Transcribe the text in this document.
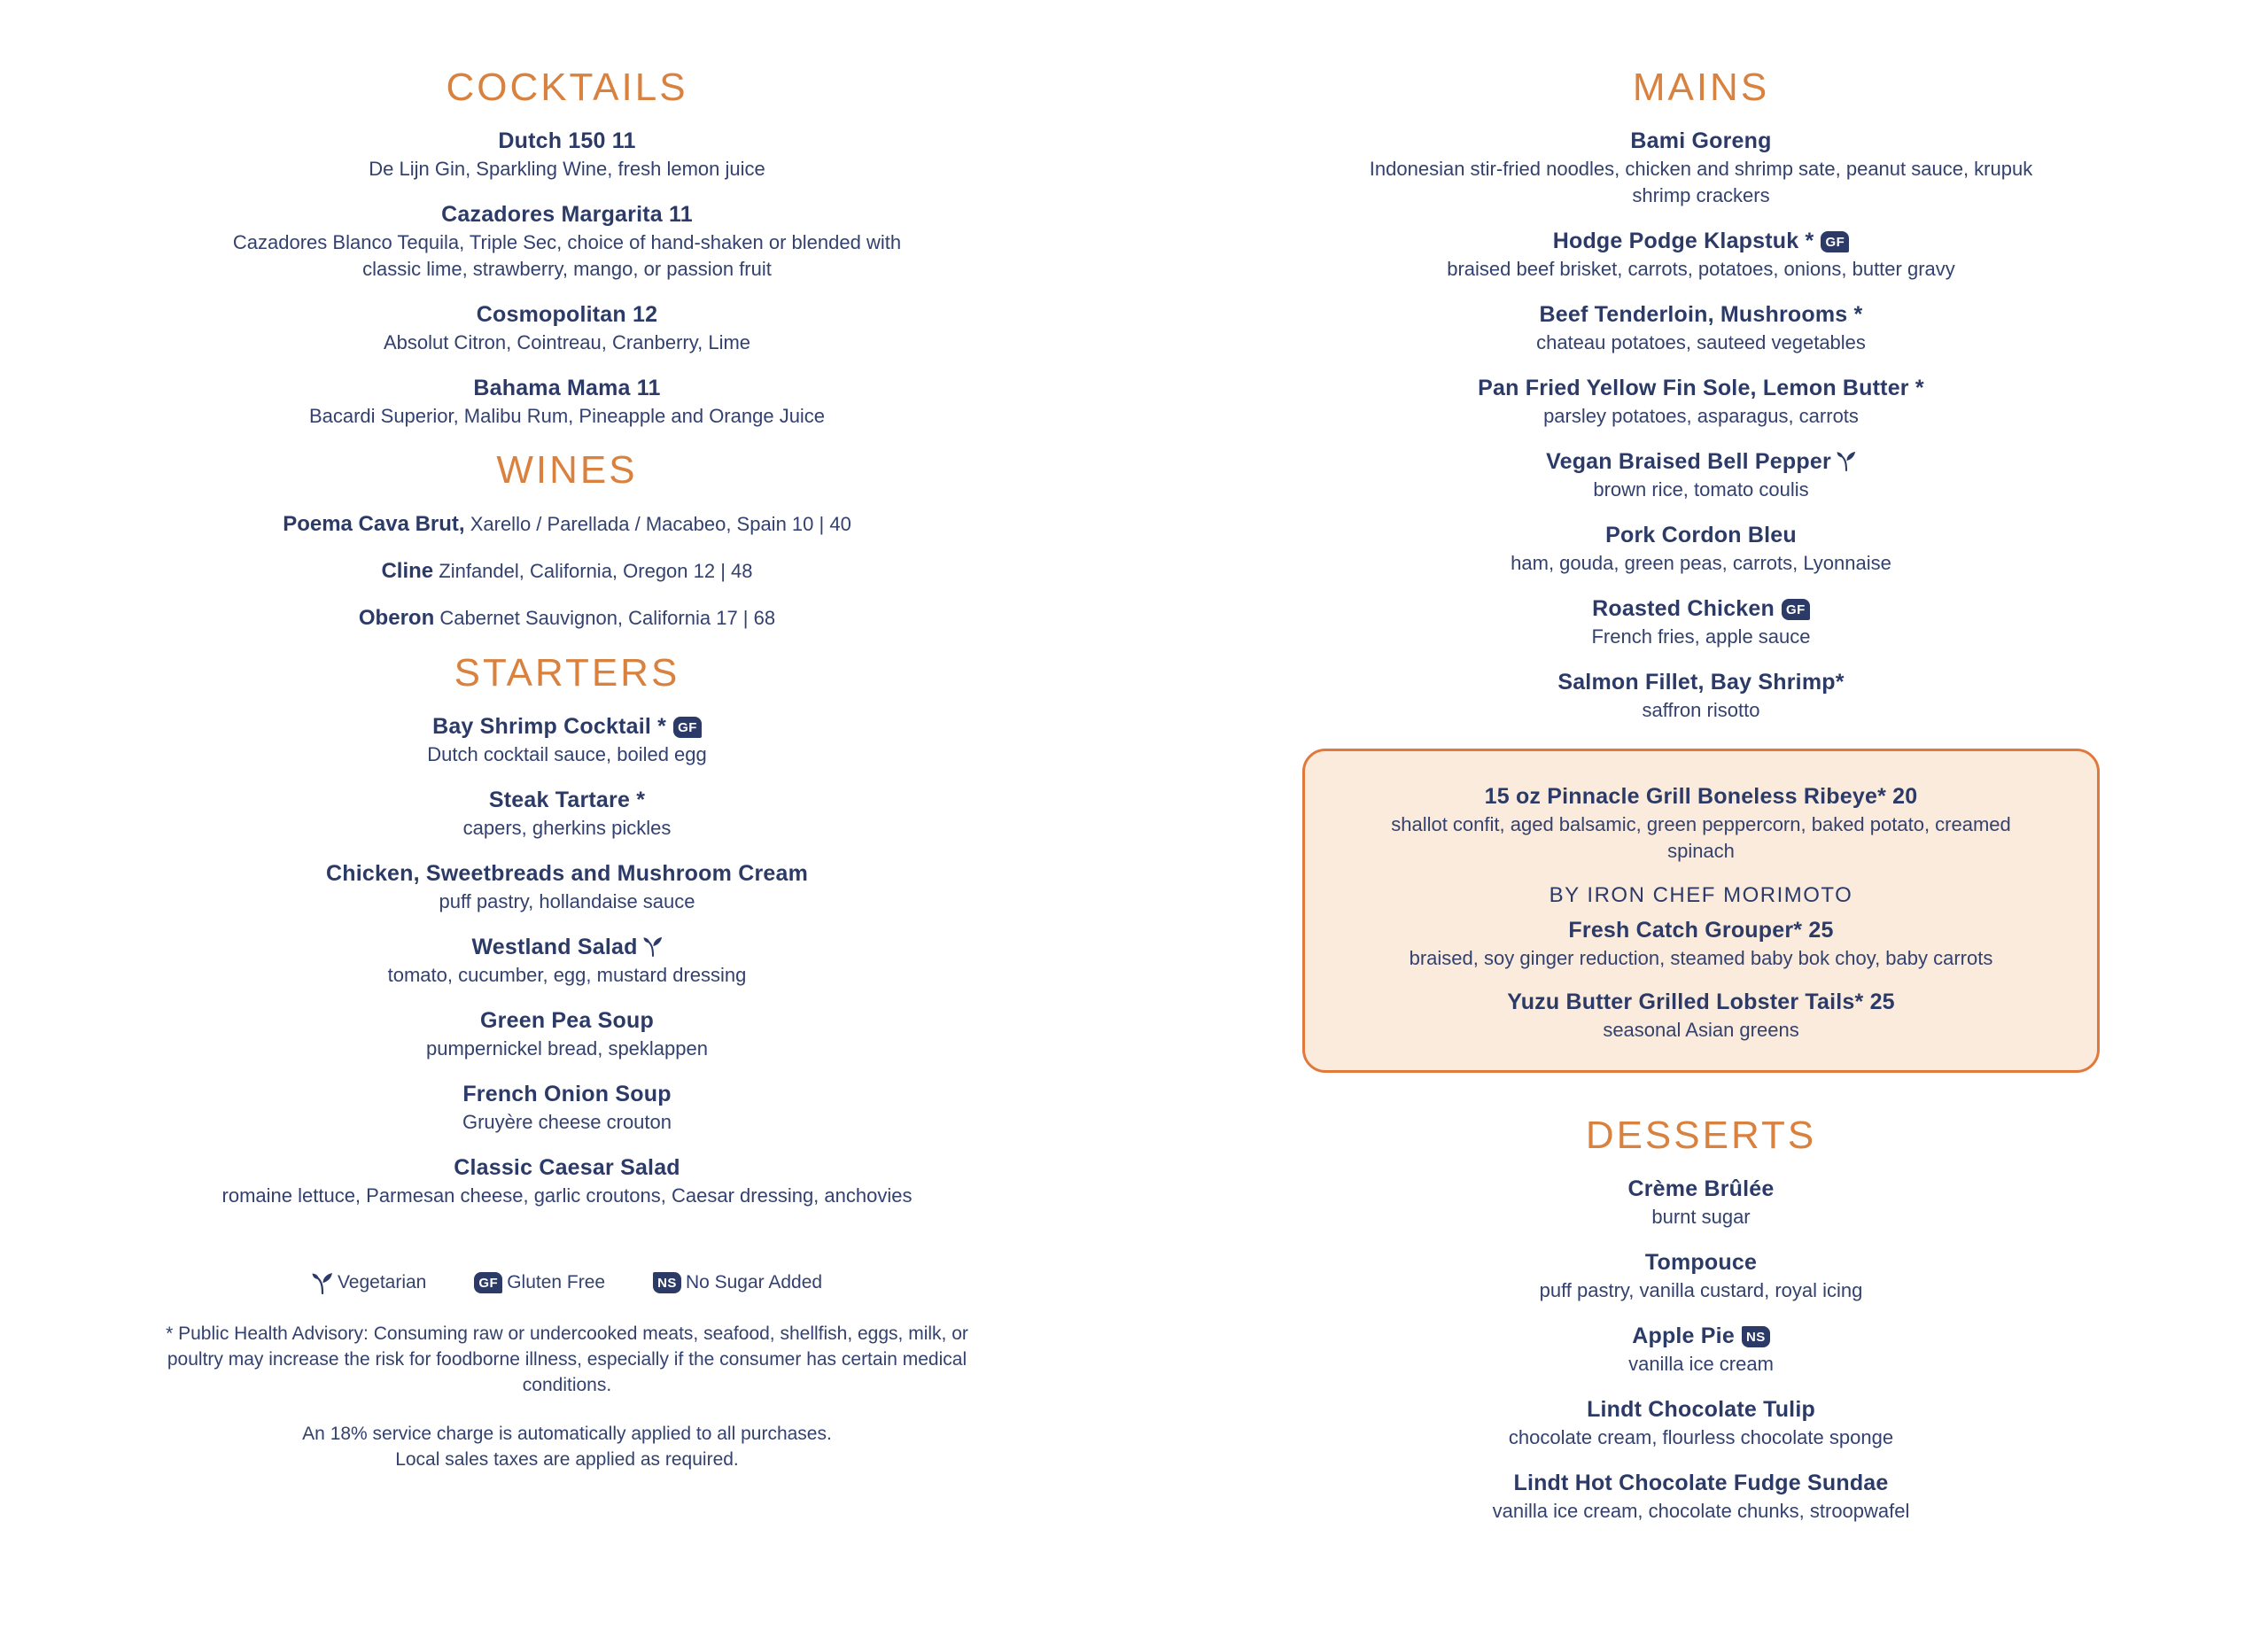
COCKTAILS
Dutch 150 11
De Lijn Gin, Sparkling Wine, fresh lemon juice
Cazadores Margarita 11
Cazadores Blanco Tequila, Triple Sec, choice of hand-shaken or blended with classic lime, strawberry, mango, or passion fruit
Cosmopolitan 12
Absolut Citron, Cointreau, Cranberry, Lime
Bahama Mama 11
Bacardi Superior, Malibu Rum, Pineapple and Orange Juice
WINES
Poema Cava Brut, Xarello / Parellada / Macabeo, Spain 10 | 40
Cline Zinfandel, California, Oregon 12 | 48
Oberon Cabernet Sauvignon, California 17 | 68
STARTERS
Bay Shrimp Cocktail * GF
Dutch cocktail sauce, boiled egg
Steak Tartare *
capers, gherkins pickles
Chicken, Sweetbreads and Mushroom Cream
puff pastry, hollandaise sauce
Westland Salad
tomato, cucumber, egg, mustard dressing
Green Pea Soup
pumpernickel bread, speklappen
French Onion Soup
Gruyère cheese crouton
Classic Caesar Salad
romaine lettuce, Parmesan cheese, garlic croutons, Caesar dressing, anchovies
Vegetarian	GF Gluten Free	NS No Sugar Added
* Public Health Advisory: Consuming raw or undercooked meats, seafood, shellfish, eggs, milk, or poultry may increase the risk for foodborne illness, especially if the consumer has certain medical conditions.
An 18% service charge is automatically applied to all purchases.
Local sales taxes are applied as required.
MAINS
Bami Goreng
Indonesian stir-fried noodles, chicken and shrimp sate, peanut sauce, krupuk shrimp crackers
Hodge Podge Klapstuk * GF
braised beef brisket, carrots, potatoes, onions, butter gravy
Beef Tenderloin, Mushrooms *
chateau potatoes, sauteed vegetables
Pan Fried Yellow Fin Sole, Lemon Butter *
parsley potatoes, asparagus, carrots
Vegan Braised Bell Pepper
brown rice, tomato coulis
Pork Cordon Bleu
ham, gouda, green peas, carrots, Lyonnaise
Roasted Chicken GF
French fries, apple sauce
Salmon Fillet, Bay Shrimp*
saffron risotto
15 oz Pinnacle Grill Boneless Ribeye* 20
shallot confit, aged balsamic, green peppercorn, baked potato, creamed spinach
BY IRON CHEF MORIMOTO
Fresh Catch Grouper* 25
braised, soy ginger reduction, steamed baby bok choy, baby carrots
Yuzu Butter Grilled Lobster Tails* 25
seasonal Asian greens
DESSERTS
Crème Brûlée
burnt sugar
Tompouce
puff pastry, vanilla custard, royal icing
Apple Pie NS
vanilla ice cream
Lindt Chocolate Tulip
chocolate cream, flourless chocolate sponge
Lindt Hot Chocolate Fudge Sundae
vanilla ice cream, chocolate chunks, stroopwafel
